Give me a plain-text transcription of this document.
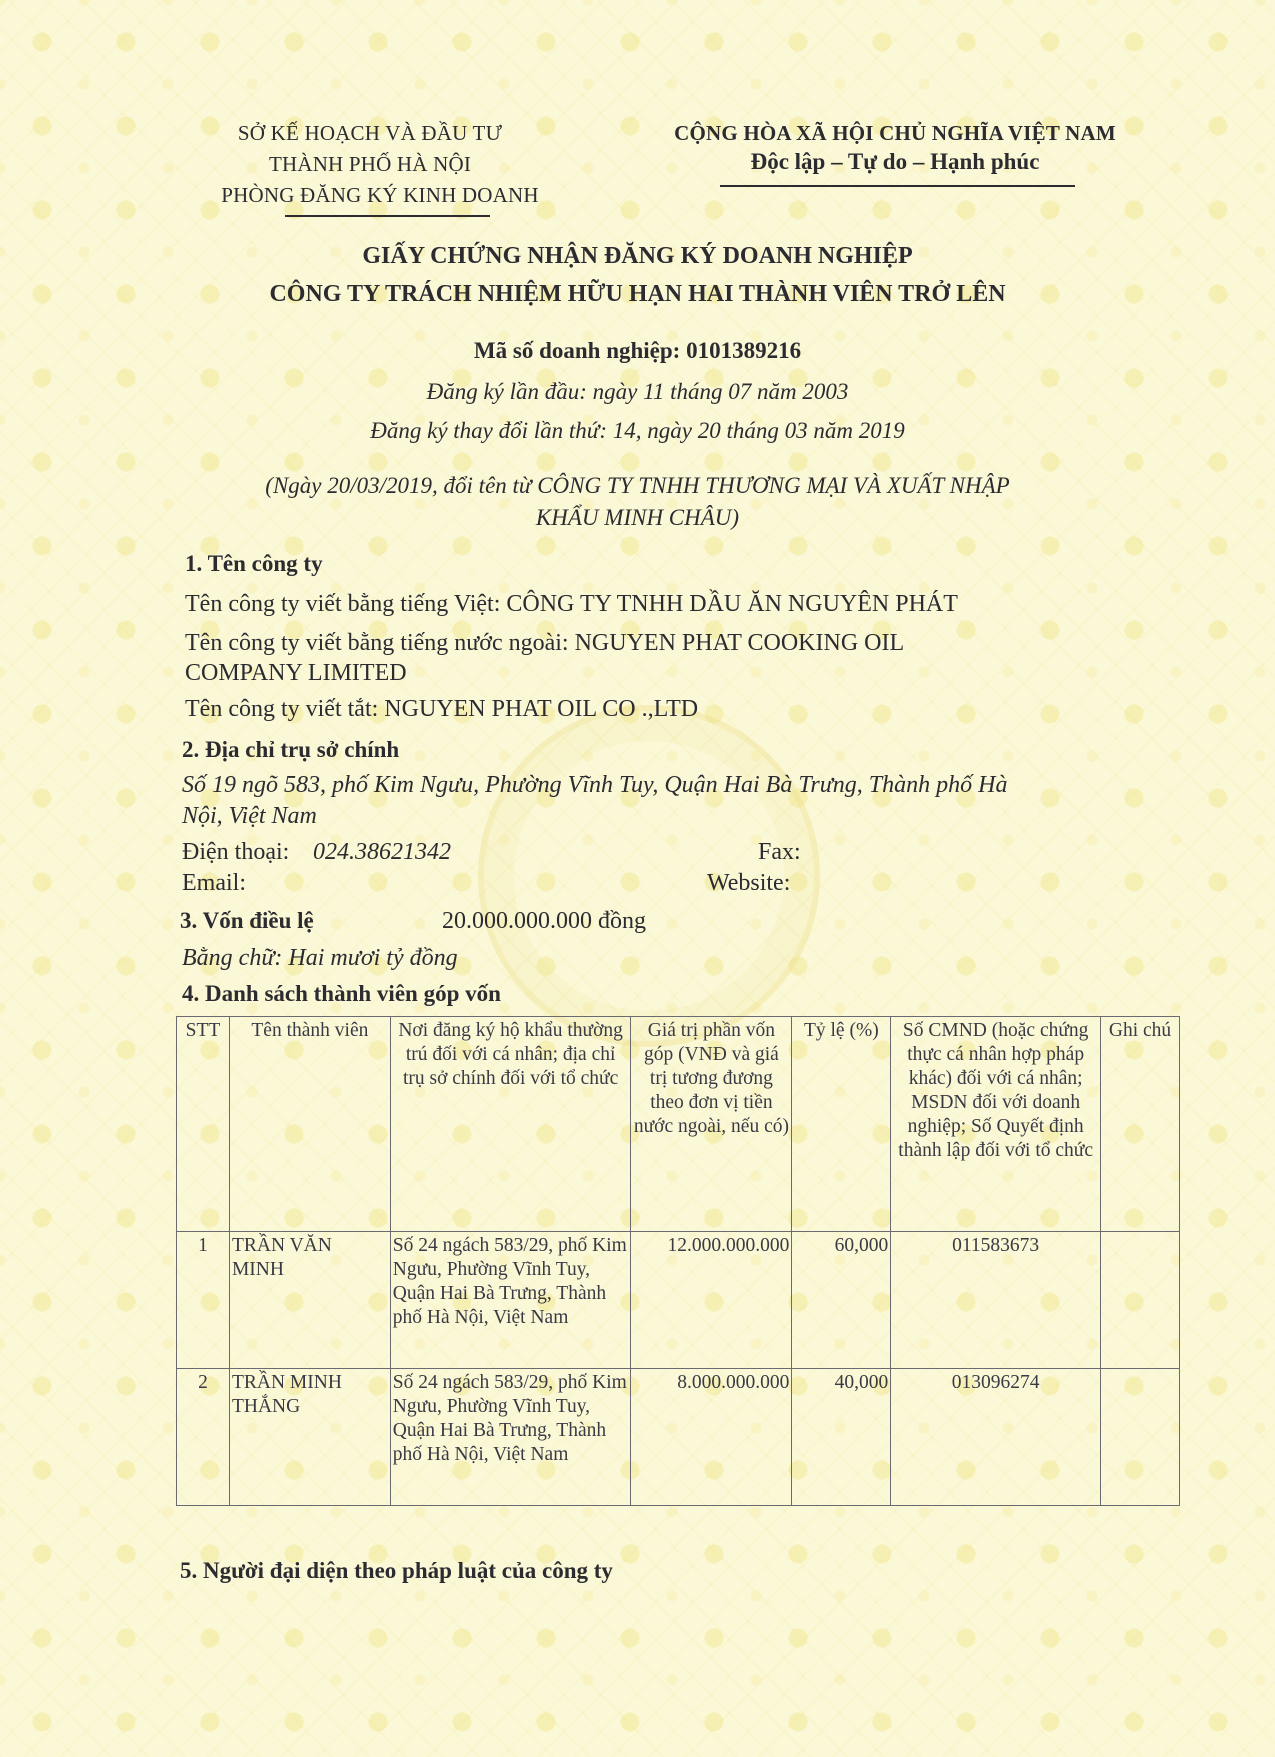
SỞ KẾ HOẠCH VÀ ĐẦU TƯ
THÀNH PHỐ HÀ NỘI
PHÒNG ĐĂNG KÝ KINH DOANH
CỘNG HÒA XÃ HỘI CHỦ NGHĨA VIỆT NAM
Độc lập – Tự do – Hạnh phúc
GIẤY CHỨNG NHẬN ĐĂNG KÝ DOANH NGHIỆP
CÔNG TY TRÁCH NHIỆM HỮU HẠN HAI THÀNH VIÊN TRỞ LÊN
Mã số doanh nghiệp: 0101389216
Đăng ký lần đầu: ngày 11 tháng 07 năm 2003
Đăng ký thay đổi lần thứ: 14, ngày 20 tháng 03 năm 2019
(Ngày 20/03/2019, đổi tên từ CÔNG TY TNHH THƯƠNG MẠI VÀ XUẤT NHẬP
KHẨU MINH CHÂU)
1. Tên công ty
Tên công ty viết bằng tiếng Việt: CÔNG TY TNHH DẦU ĂN NGUYÊN PHÁT
Tên công ty viết bằng tiếng nước ngoài: NGUYEN PHAT COOKING OIL
COMPANY LIMITED
Tên công ty viết tắt: NGUYEN PHAT OIL CO .,LTD
2. Địa chỉ trụ sở chính
Số 19 ngõ 583, phố Kim Ngưu, Phường Vĩnh Tuy, Quận Hai Bà Trưng, Thành phố Hà
Nội, Việt Nam
Điện thoại: 024.38621342	Fax:
Email:	Website:
3. Vốn điều lệ	20.000.000.000 đồng
Bằng chữ: Hai mươi tỷ đồng
4. Danh sách thành viên góp vốn
STT	Tên thành viên	Nơi đăng ký hộ khẩu thường trú đối với cá nhân; địa chỉ trụ sở chính đối với tổ chức	Giá trị phần vốn góp (VNĐ và giá trị tương đương theo đơn vị tiền nước ngoài, nếu có)	Tỷ lệ (%)	Số CMND (hoặc chứng thực cá nhân hợp pháp khác) đối với cá nhân; MSDN đối với doanh nghiệp; Số Quyết định thành lập đối với tổ chức	Ghi chú
1	TRẦN VĂN MINH	Số 24 ngách 583/29, phố Kim Ngưu, Phường Vĩnh Tuy, Quận Hai Bà Trưng, Thành phố Hà Nội, Việt Nam	12.000.000.000	60,000	011583673	
2	TRẦN MINH THẮNG	Số 24 ngách 583/29, phố Kim Ngưu, Phường Vĩnh Tuy, Quận Hai Bà Trưng, Thành phố Hà Nội, Việt Nam	8.000.000.000	40,000	013096274	
5. Người đại diện theo pháp luật của công ty
